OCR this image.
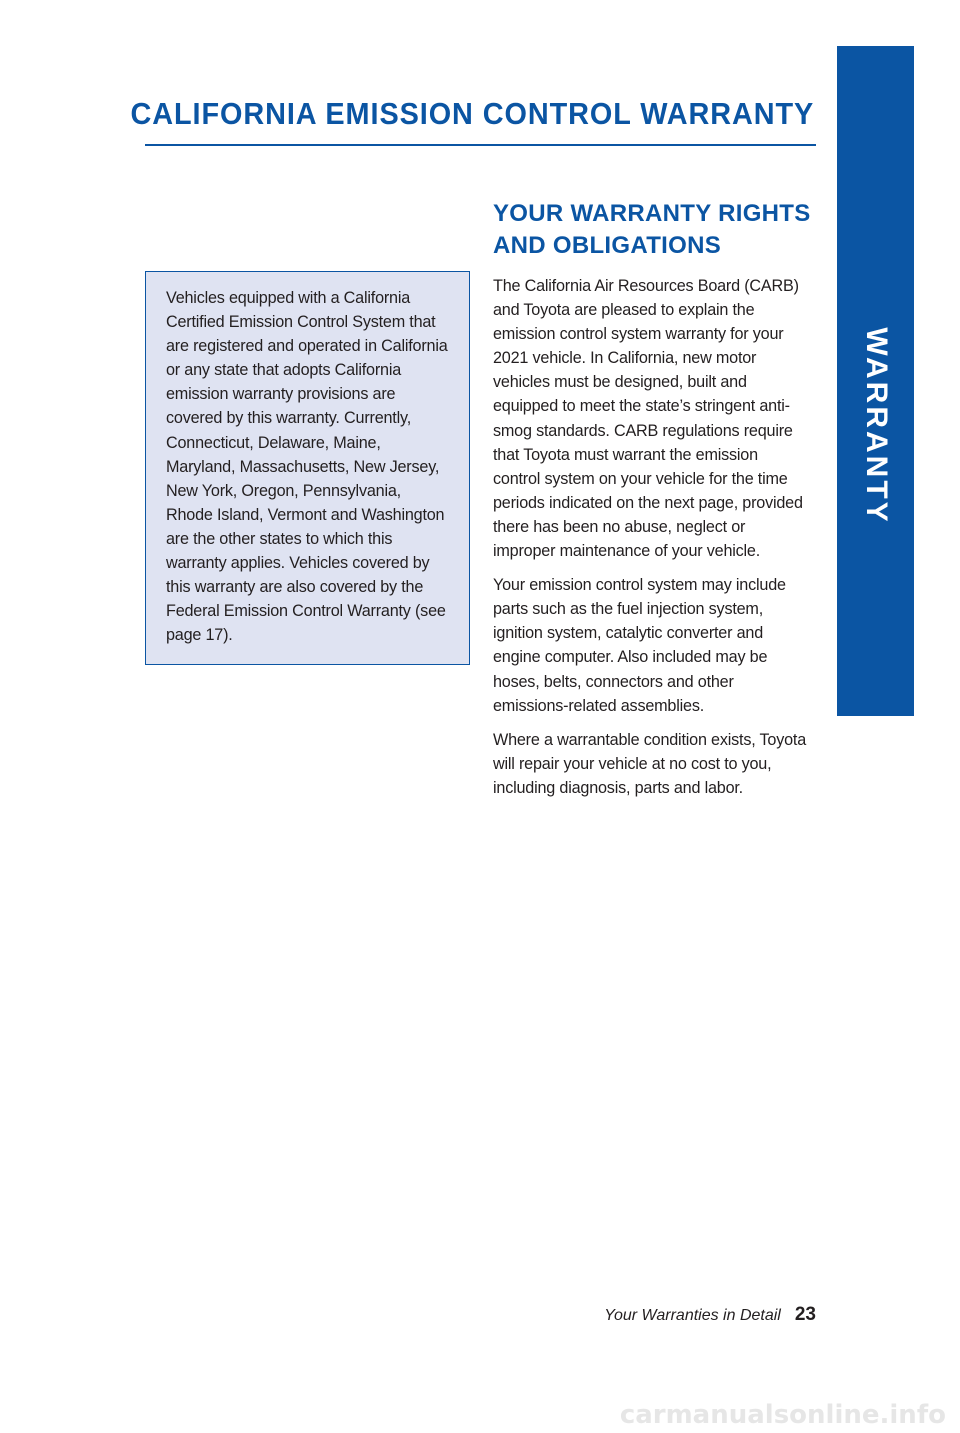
CALIFORNIA EMISSION CONTROL WARRANTY
WARRANTY

Vehicles equipped with a California Certified Emission Control System that are registered and operated in California or any state that adopts California emission warranty provisions are covered by this warranty. Currently, Connecticut, Delaware, Maine, Maryland, Massachusetts, New Jersey, New York, Oregon, Pennsylvania, Rhode Island, Vermont and Washington are the other states to which this warranty applies. Vehicles covered by this warranty are also covered by the Federal Emission Control Warranty (see page 17).

YOUR WARRANTY RIGHTS
AND OBLIGATIONS

The California Air Resources Board (CARB) and Toyota are pleased to explain the emission control system warranty for your 2021 vehicle. In California, new motor vehicles must be designed, built and equipped to meet the state’s stringent anti-smog standards. CARB regulations require that Toyota must warrant the emission control system on your vehicle for the time periods indicated on the next page, provided there has been no abuse, neglect or improper maintenance of your vehicle.

Your emission control system may include parts such as the fuel injection system, ignition system, catalytic converter and engine computer. Also included may be hoses, belts, connectors and other emissions-related assemblies.

Where a warrantable condition exists, Toyota will repair your vehicle at no cost to you, including diagnosis, parts and labor.

Your Warranties in Detail 23
carmanualsonline.info
